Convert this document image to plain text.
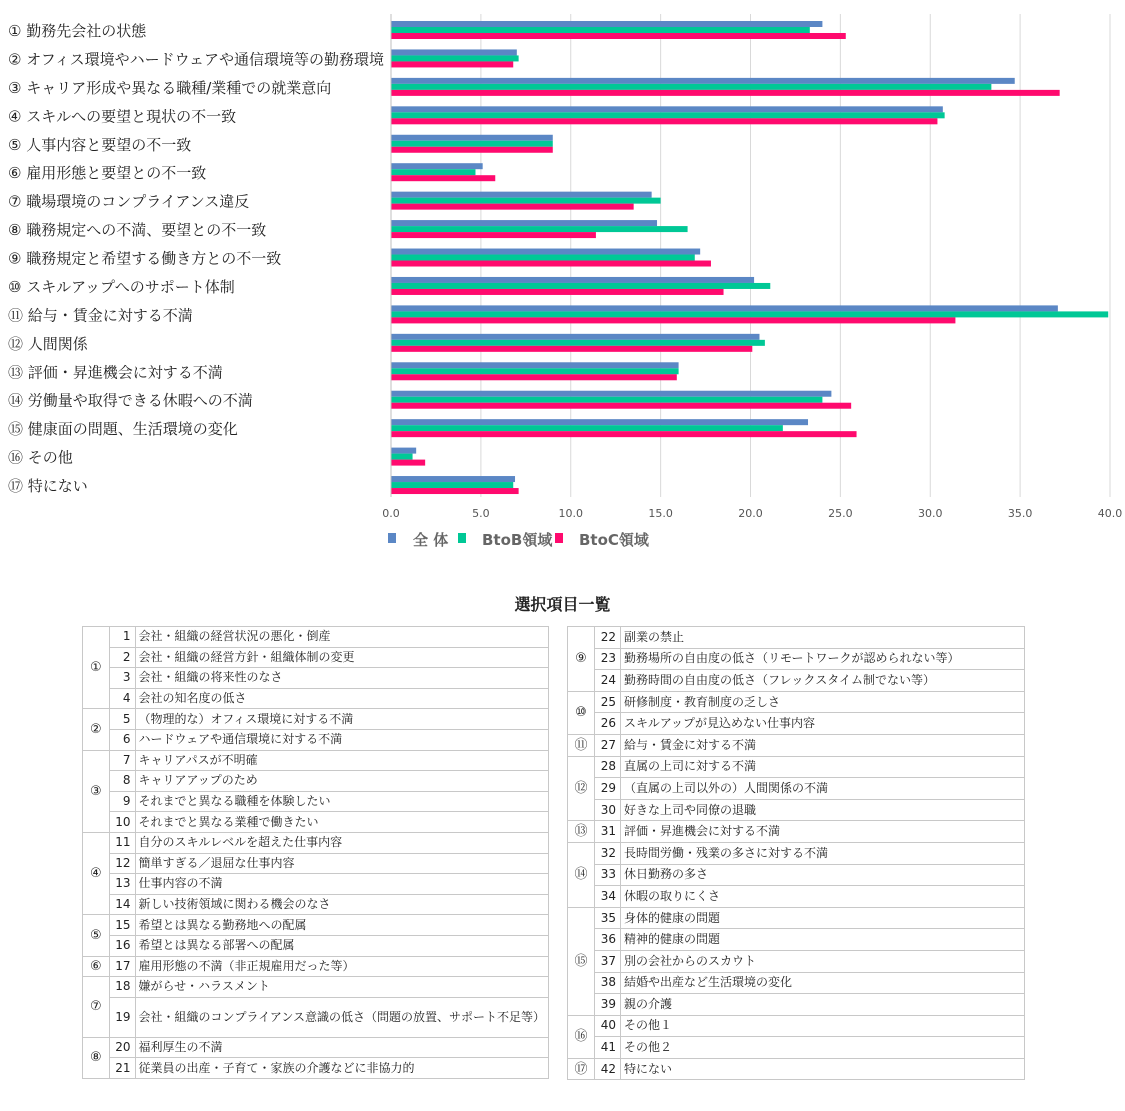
0.0	5.0	10.0	15.0	20.0	25.0	30.0	35.0	40.0
① 勤務先会社の状態
② オフィス環境やハードウェアや通信環境等の勤務環境
③ キャリア形成や異なる職種/業種での就業意向
④ スキルへの要望と現状の不一致
⑤ 人事内容と要望の不一致
⑥ 雇用形態と要望との不一致
⑦ 職場環境のコンプライアンス違反
⑧ 職務規定への不満、要望との不一致
⑨ 職務規定と希望する働き方との不一致
⑩ スキルアップへのサポート体制
⑪ 給与・賃金に対する不満
⑫ 人間関係
⑬ 評価・昇進機会に対する不満
⑭ 労働量や取得できる休暇への不満
⑮ 健康面の問題、生活環境の変化
⑯ その他
⑰ 特にない
全 体 BtoB領域 BtoC領域
選択項目一覧
①	1	会社・組織の経営状況の悪化・倒産
	2	会社・組織の経営方針・組織体制の変更
	3	会社・組織の将来性のなさ
	4	会社の知名度の低さ
②	5	（物理的な）オフィス環境に対する不満
	6	ハードウェアや通信環境に対する不満
③	7	キャリアパスが不明確
	8	キャリアアップのため
	9	それまでと異なる職種を体験したい
	10	それまでと異なる業種で働きたい
④	11	自分のスキルレベルを超えた仕事内容
	12	簡単すぎる／退屈な仕事内容
	13	仕事内容の不満
	14	新しい技術領域に関わる機会のなさ
⑤	15	希望とは異なる勤務地への配属
	16	希望とは異なる部署への配属
⑥	17	雇用形態の不満（非正規雇用だった等）
⑦	18	嫌がらせ・ハラスメント
	19	会社・組織のコンプライアンス意識の低さ（問題の放置、サポート不足等）
⑧	20	福利厚生の不満
	21	従業員の出産・子育て・家族の介護などに非協力的
⑨	22	副業の禁止
	23	勤務場所の自由度の低さ（リモートワークが認められない等）
	24	勤務時間の自由度の低さ（フレックスタイム制でない等）
⑩	25	研修制度・教育制度の乏しさ
	26	スキルアップが見込めない仕事内容
⑪	27	給与・賃金に対する不満
⑫	28	直属の上司に対する不満
	29	（直属の上司以外の）人間関係の不満
	30	好きな上司や同僚の退職
⑬	31	評価・昇進機会に対する不満
⑭	32	長時間労働・残業の多さに対する不満
	33	休日勤務の多さ
	34	休暇の取りにくさ
⑮	35	身体的健康の問題
	36	精神的健康の問題
	37	別の会社からのスカウト
	38	結婚や出産など生活環境の変化
	39	親の介護
⑯	40	その他１
	41	その他２
⑰	42	特にない
